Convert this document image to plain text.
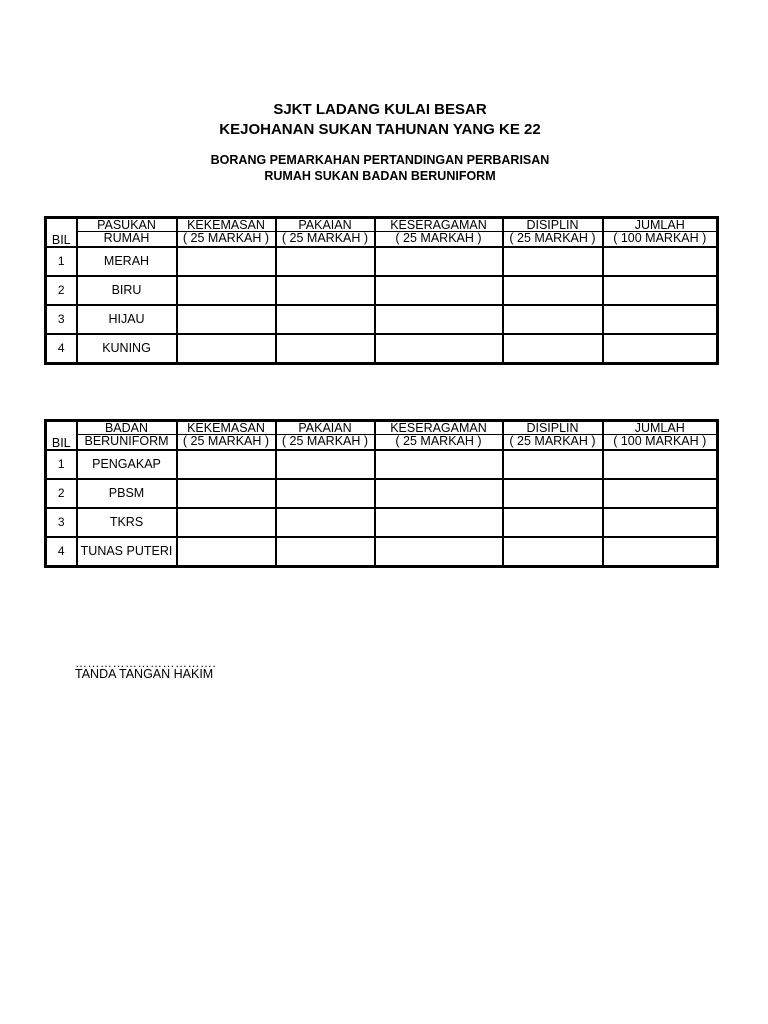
SJKT LADANG KULAI BESAR
KEJOHANAN SUKAN TAHUNAN YANG KE 22
BORANG PEMARKAHAN PERTANDINGAN PERBARISAN
RUMAH SUKAN BADAN BERUNIFORM
BIL	PASUKAN	KEKEMASAN	PAKAIAN	KESERAGAMAN	DISIPLIN	JUMLAH
	RUMAH	( 25 MARKAH )	( 25 MARKAH )	( 25 MARKAH )	( 25 MARKAH )	( 100 MARKAH )
1	MERAH					
2	BIRU					
3	HIJAU					
4	KUNING					
BIL	BADAN	KEKEMASAN	PAKAIAN	KESERAGAMAN	DISIPLIN	JUMLAH
	BERUNIFORM	( 25 MARKAH )	( 25 MARKAH )	( 25 MARKAH )	( 25 MARKAH )	( 100 MARKAH )
1	PENGAKAP					
2	PBSM					
3	TKRS					
4	TUNAS PUTERI					
…………………………….
TANDA TANGAN HAKIM
